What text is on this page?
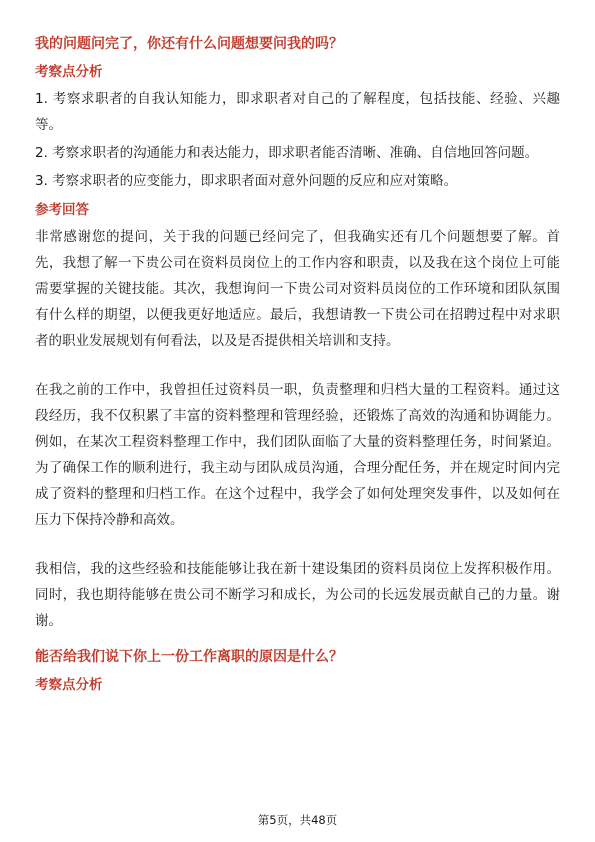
我的问题问完了，你还有什么问题想要问我的吗？
考察点分析
1. 考察求职者的自我认知能力，即求职者对自己的了解程度，包括技能、经验、兴趣等。
2. 考察求职者的沟通能力和表达能力，即求职者能否清晰、准确、自信地回答问题。
3. 考察求职者的应变能力，即求职者面对意外问题的反应和应对策略。
参考回答
非常感谢您的提问，关于我的问题已经问完了，但我确实还有几个问题想要了解。首先，我想了解一下贵公司在资料员岗位上的工作内容和职责，以及我在这个岗位上可能需要掌握的关键技能。其次，我想询问一下贵公司对资料员岗位的工作环境和团队氛围有什么样的期望，以便我更好地适应。最后，我想请教一下贵公司在招聘过程中对求职者的职业发展规划有何看法，以及是否提供相关培训和支持。
在我之前的工作中，我曾担任过资料员一职，负责整理和归档大量的工程资料。通过这段经历，我不仅积累了丰富的资料整理和管理经验，还锻炼了高效的沟通和协调能力。例如，在某次工程资料整理工作中，我们团队面临了大量的资料整理任务，时间紧迫。为了确保工作的顺利进行，我主动与团队成员沟通，合理分配任务，并在规定时间内完成了资料的整理和归档工作。在这个过程中，我学会了如何处理突发事件，以及如何在压力下保持冷静和高效。
我相信，我的这些经验和技能能够让我在新十建设集团的资料员岗位上发挥积极作用。同时，我也期待能够在贵公司不断学习和成长，为公司的长远发展贡献自己的力量。谢谢。
能否给我们说下你上一份工作离职的原因是什么？
考察点分析
第5页，共48页
